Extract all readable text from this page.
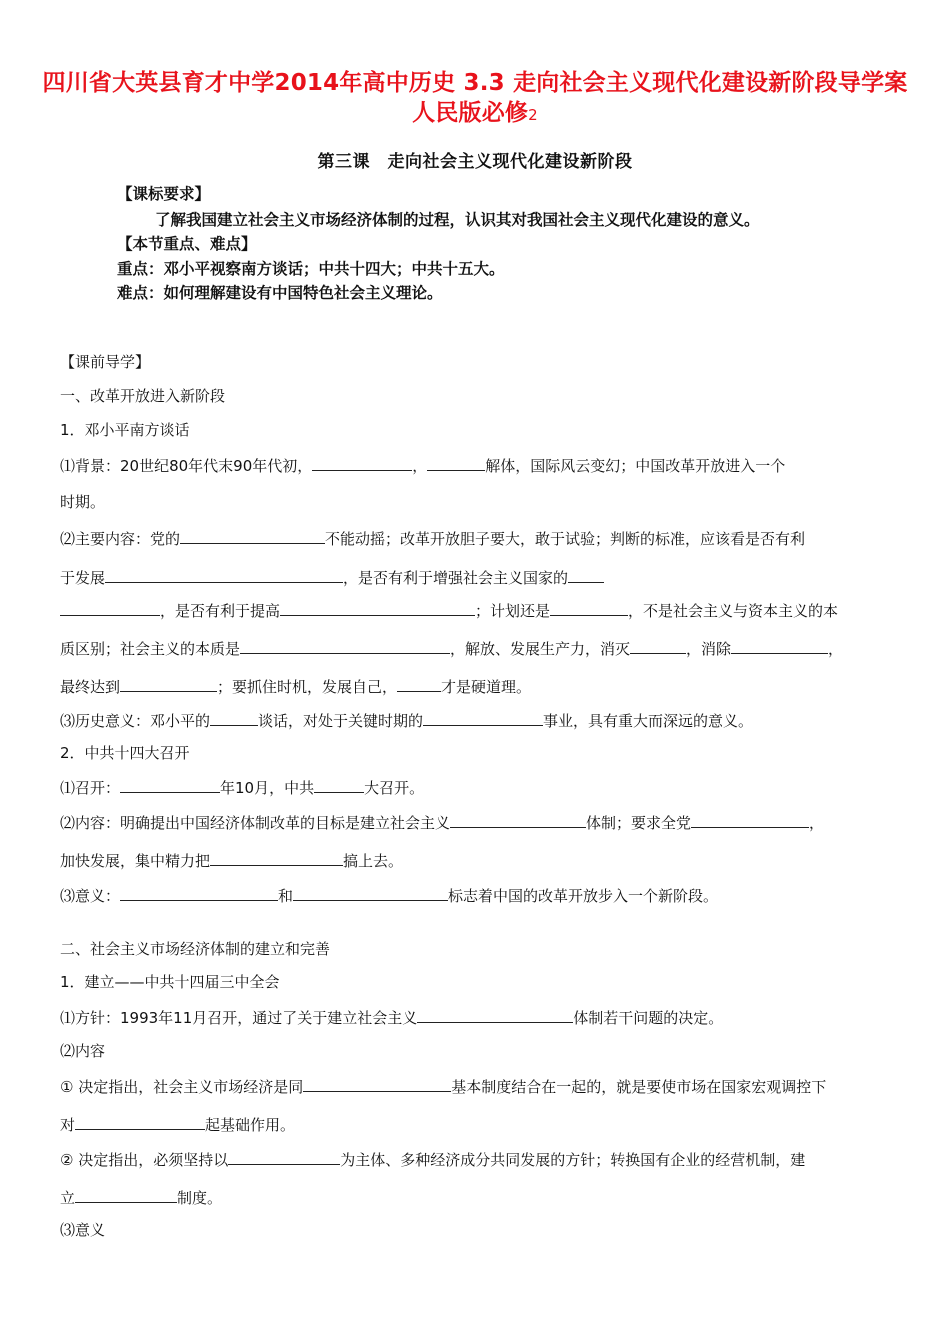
四川省大英县育才中学2014年高中历史 3.3 走向社会主义现代化建设新阶段导学案
人民版必修2
第三课　走向社会主义现代化建设新阶段
【课标要求】
了解我国建立社会主义市场经济体制的过程，认识其对我国社会主义现代化建设的意义。
【本节重点、难点】
重点：邓小平视察南方谈话；中共十四大；中共十五大。
难点：如何理解建设有中国特色社会主义理论。
【课前导学】
一、改革开放进入新阶段
1．邓小平南方谈话
⑴背景：20世纪80年代末90年代初，	，	解体，国际风云变幻；中国改革开放进入一个
时期。
⑵主要内容：党的	不能动摇；改革开放胆子要大，敢于试验；判断的标准，应该看是否有利
于发展	，是否有利于增强社会主义国家的
，是否有利于提高	；计划还是	，不是社会主义与资本主义的本
质区别；社会主义的本质是	，解放、发展生产力，消灭	，消除	，
最终达到	；要抓住时机，发展自己，	才是硬道理。
⑶历史意义：邓小平的	谈话，对处于关键时期的	事业，具有重大而深远的意义。
2．中共十四大召开
⑴召开：	年10月，中共	大召开。
⑵内容：明确提出中国经济体制改革的目标是建立社会主义	体制；要求全党	，
加快发展，集中精力把	搞上去。
⑶意义：	和	标志着中国的改革开放步入一个新阶段。
二、社会主义市场经济体制的建立和完善
1．建立——中共十四届三中全会
⑴方针：1993年11月召开，通过了关于建立社会主义	体制若干问题的决定。
⑵内容
① 决定指出，社会主义市场经济是同	基本制度结合在一起的，就是要使市场在国家宏观调控下
对	起基础作用。
② 决定指出，必须坚持以	为主体、多种经济成分共同发展的方针；转换国有企业的经营机制，建
立	制度。
⑶意义
